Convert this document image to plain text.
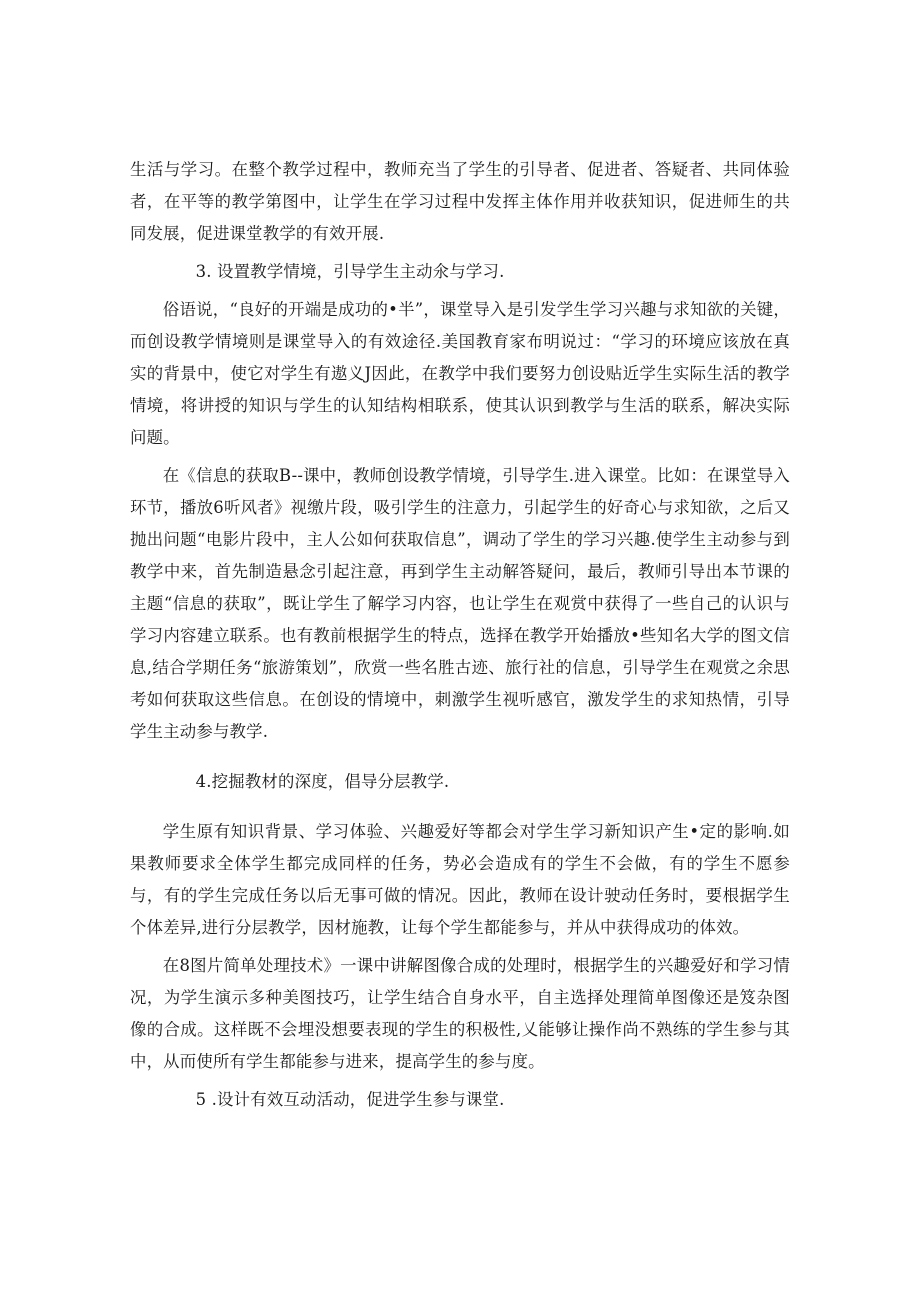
生活与学习。在整个教学过程中，教师充当了学生的引导者、促进者、答疑者、共同体验者，在平等的教学第图中，让学生在学习过程中发挥主体作用并收获知识，促进师生的共同发展，促进课堂教学的有效开展.

3. 设置教学情境，引导学生主动氽与学习.

俗语说，“良好的开端是成功的•半”，课堂导入是引发学生学习兴趣与求知欲的关键，而创设教学情境则是课堂导入的有效途径.美国教育家布明说过：“学习的环境应该放在真实的背景中，使它对学生有遨义J因此，在教学中我们要努力创设贴近学生实际生活的教学情境，将讲授的知识与学生的认知结构相联系，使其认识到教学与生活的联系，解决实际问题。

在《信息的获取B--课中，教师创设教学情境，引导学生.进入课堂。比如：在课堂导入环节，播放6听风者》视缴片段，吸引学生的注意力，引起学生的好奇心与求知欲，之后又抛出问题“电影片段中，主人公如何获取信息”，调动了学生的学习兴趣.使学生主动参与到教学中来，首先制造悬念引起注意，再到学生主动解答疑问，最后，教师引导出本节课的主题“信息的获取”，既让学生了解学习内容，也让学生在观赏中获得了一些自己的认识与学习内容建立联系。也有教前根据学生的特点，选择在教学开始播放•些知名大学的图文信息,结合学期任务“旅游策划”，欣赏一些名胜古迹、旅行社的信息，引导学生在观赏之余思考如何获取这些信息。在创设的情境中，刺激学生视听感官，激发学生的求知热情，引导学生主动参与教学.

4.挖掘教材的深度，倡导分层教学.

学生原有知识背景、学习体验、兴趣爱好等都会对学生学习新知识产生•定的影响.如果教师要求全体学生都完成同样的任务，势必会造成有的学生不会做，有的学生不愿参与，有的学生完成任务以后无事可做的情况。因此，教师在设计驶动任务时，要根据学生个体差异,进行分层教学，因材施教，让每个学生都能参与，并从中获得成功的体效。

在8图片简单处理技术》一课中讲解图像合成的处理时，根据学生的兴趣爱好和学习情况，为学生演示多种美图技巧，让学生结合自身水平，自主选择处理简单图像还是笈杂图像的合成。这样既不会埋没想要表现的学生的积极性,乂能够让操作尚不熟练的学生参与其中，从而使所有学生都能参与进来，提高学生的参与度。

5 .设计有效互动活动，促进学生参与课堂.
